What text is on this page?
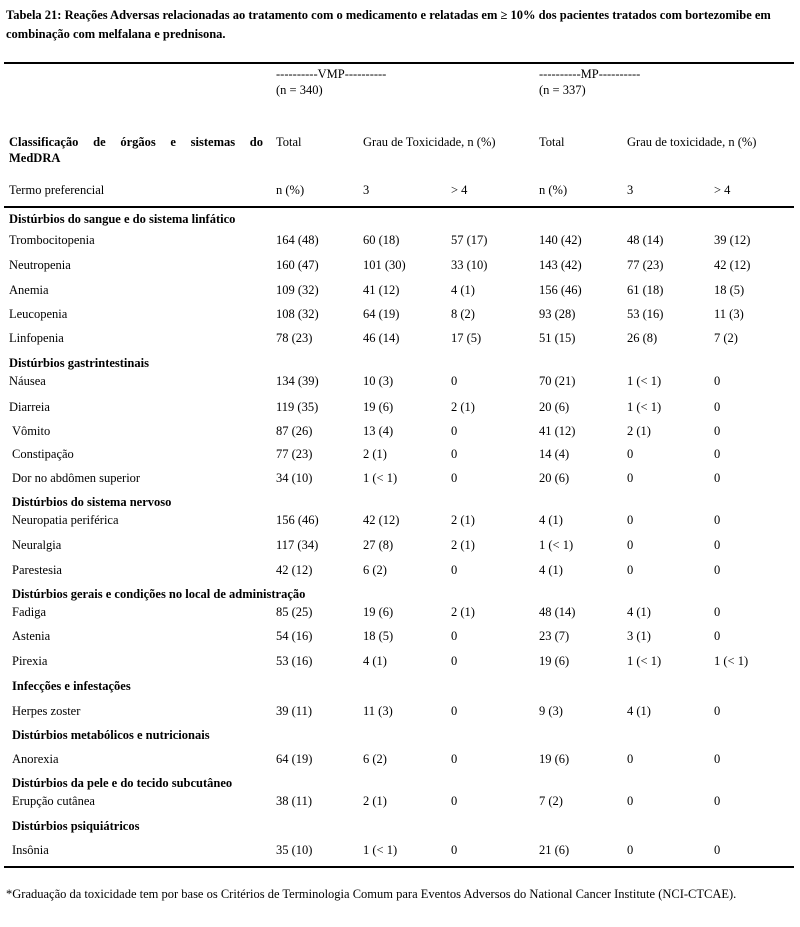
Tabela 21: Reações Adversas relacionadas ao tratamento com o medicamento e relatadas em ≥ 10% dos pacientes tratados com bortezomibe em combinação com melfalana e prednisona.
----------VMP----------
(n = 340)
----------MP----------
(n = 337)
Classificação de órgãos e sistemas do
MedDRA
Total	Grau de Toxicidade, n (%)	Total	Grau de toxicidade, n (%)
Termo preferencial	n (%)	3	> 4	n (%)	3	> 4
Distúrbios do sangue e do sistema linfático
Trombocitopenia	164 (48)	60 (18)	57 (17)	140 (42)	48 (14)	39 (12)
Neutropenia	160 (47)	101 (30)	33 (10)	143 (42)	77 (23)	42 (12)
Anemia	109 (32)	41 (12)	4 (1)	156 (46)	61 (18)	18 (5)
Leucopenia	108 (32)	64 (19)	8 (2)	93 (28)	53 (16)	11 (3)
Linfopenia	78 (23)	46 (14)	17 (5)	51 (15)	26 (8)	7 (2)
Distúrbios gastrintestinais
Náusea	134 (39)	10 (3)	0	70 (21)	1 (< 1)	0
Diarreia	119 (35)	19 (6)	2 (1)	20 (6)	1 (< 1)	0
Vômito	87 (26)	13 (4)	0	41 (12)	2 (1)	0
Constipação	77 (23)	2 (1)	0	14 (4)	0	0
Dor no abdômen superior	34 (10)	1 (< 1)	0	20 (6)	0	0
Distúrbios do sistema nervoso
Neuropatia periférica	156 (46)	42 (12)	2 (1)	4 (1)	0	0
Neuralgia	117 (34)	27 (8)	2 (1)	1 (< 1)	0	0
Parestesia	42 (12)	6 (2)	0	4 (1)	0	0
Distúrbios gerais e condições no local de administração
Fadiga	85 (25)	19 (6)	2 (1)	48 (14)	4 (1)	0
Astenia	54 (16)	18 (5)	0	23 (7)	3 (1)	0
Pirexia	53 (16)	4 (1)	0	19 (6)	1 (< 1)	1 (< 1)
Infecções e infestações
Herpes zoster	39 (11)	11 (3)	0	9 (3)	4 (1)	0
Distúrbios metabólicos e nutricionais
Anorexia	64 (19)	6 (2)	0	19 (6)	0	0
Distúrbios da pele e do tecido subcutâneo
Erupção cutânea	38 (11)	2 (1)	0	7 (2)	0	0
Distúrbios psiquiátricos
Insônia	35 (10)	1 (< 1)	0	21 (6)	0	0
*Graduação da toxicidade tem por base os Critérios de Terminologia Comum para Eventos Adversos do National Cancer Institute (NCI-CTCAE).
